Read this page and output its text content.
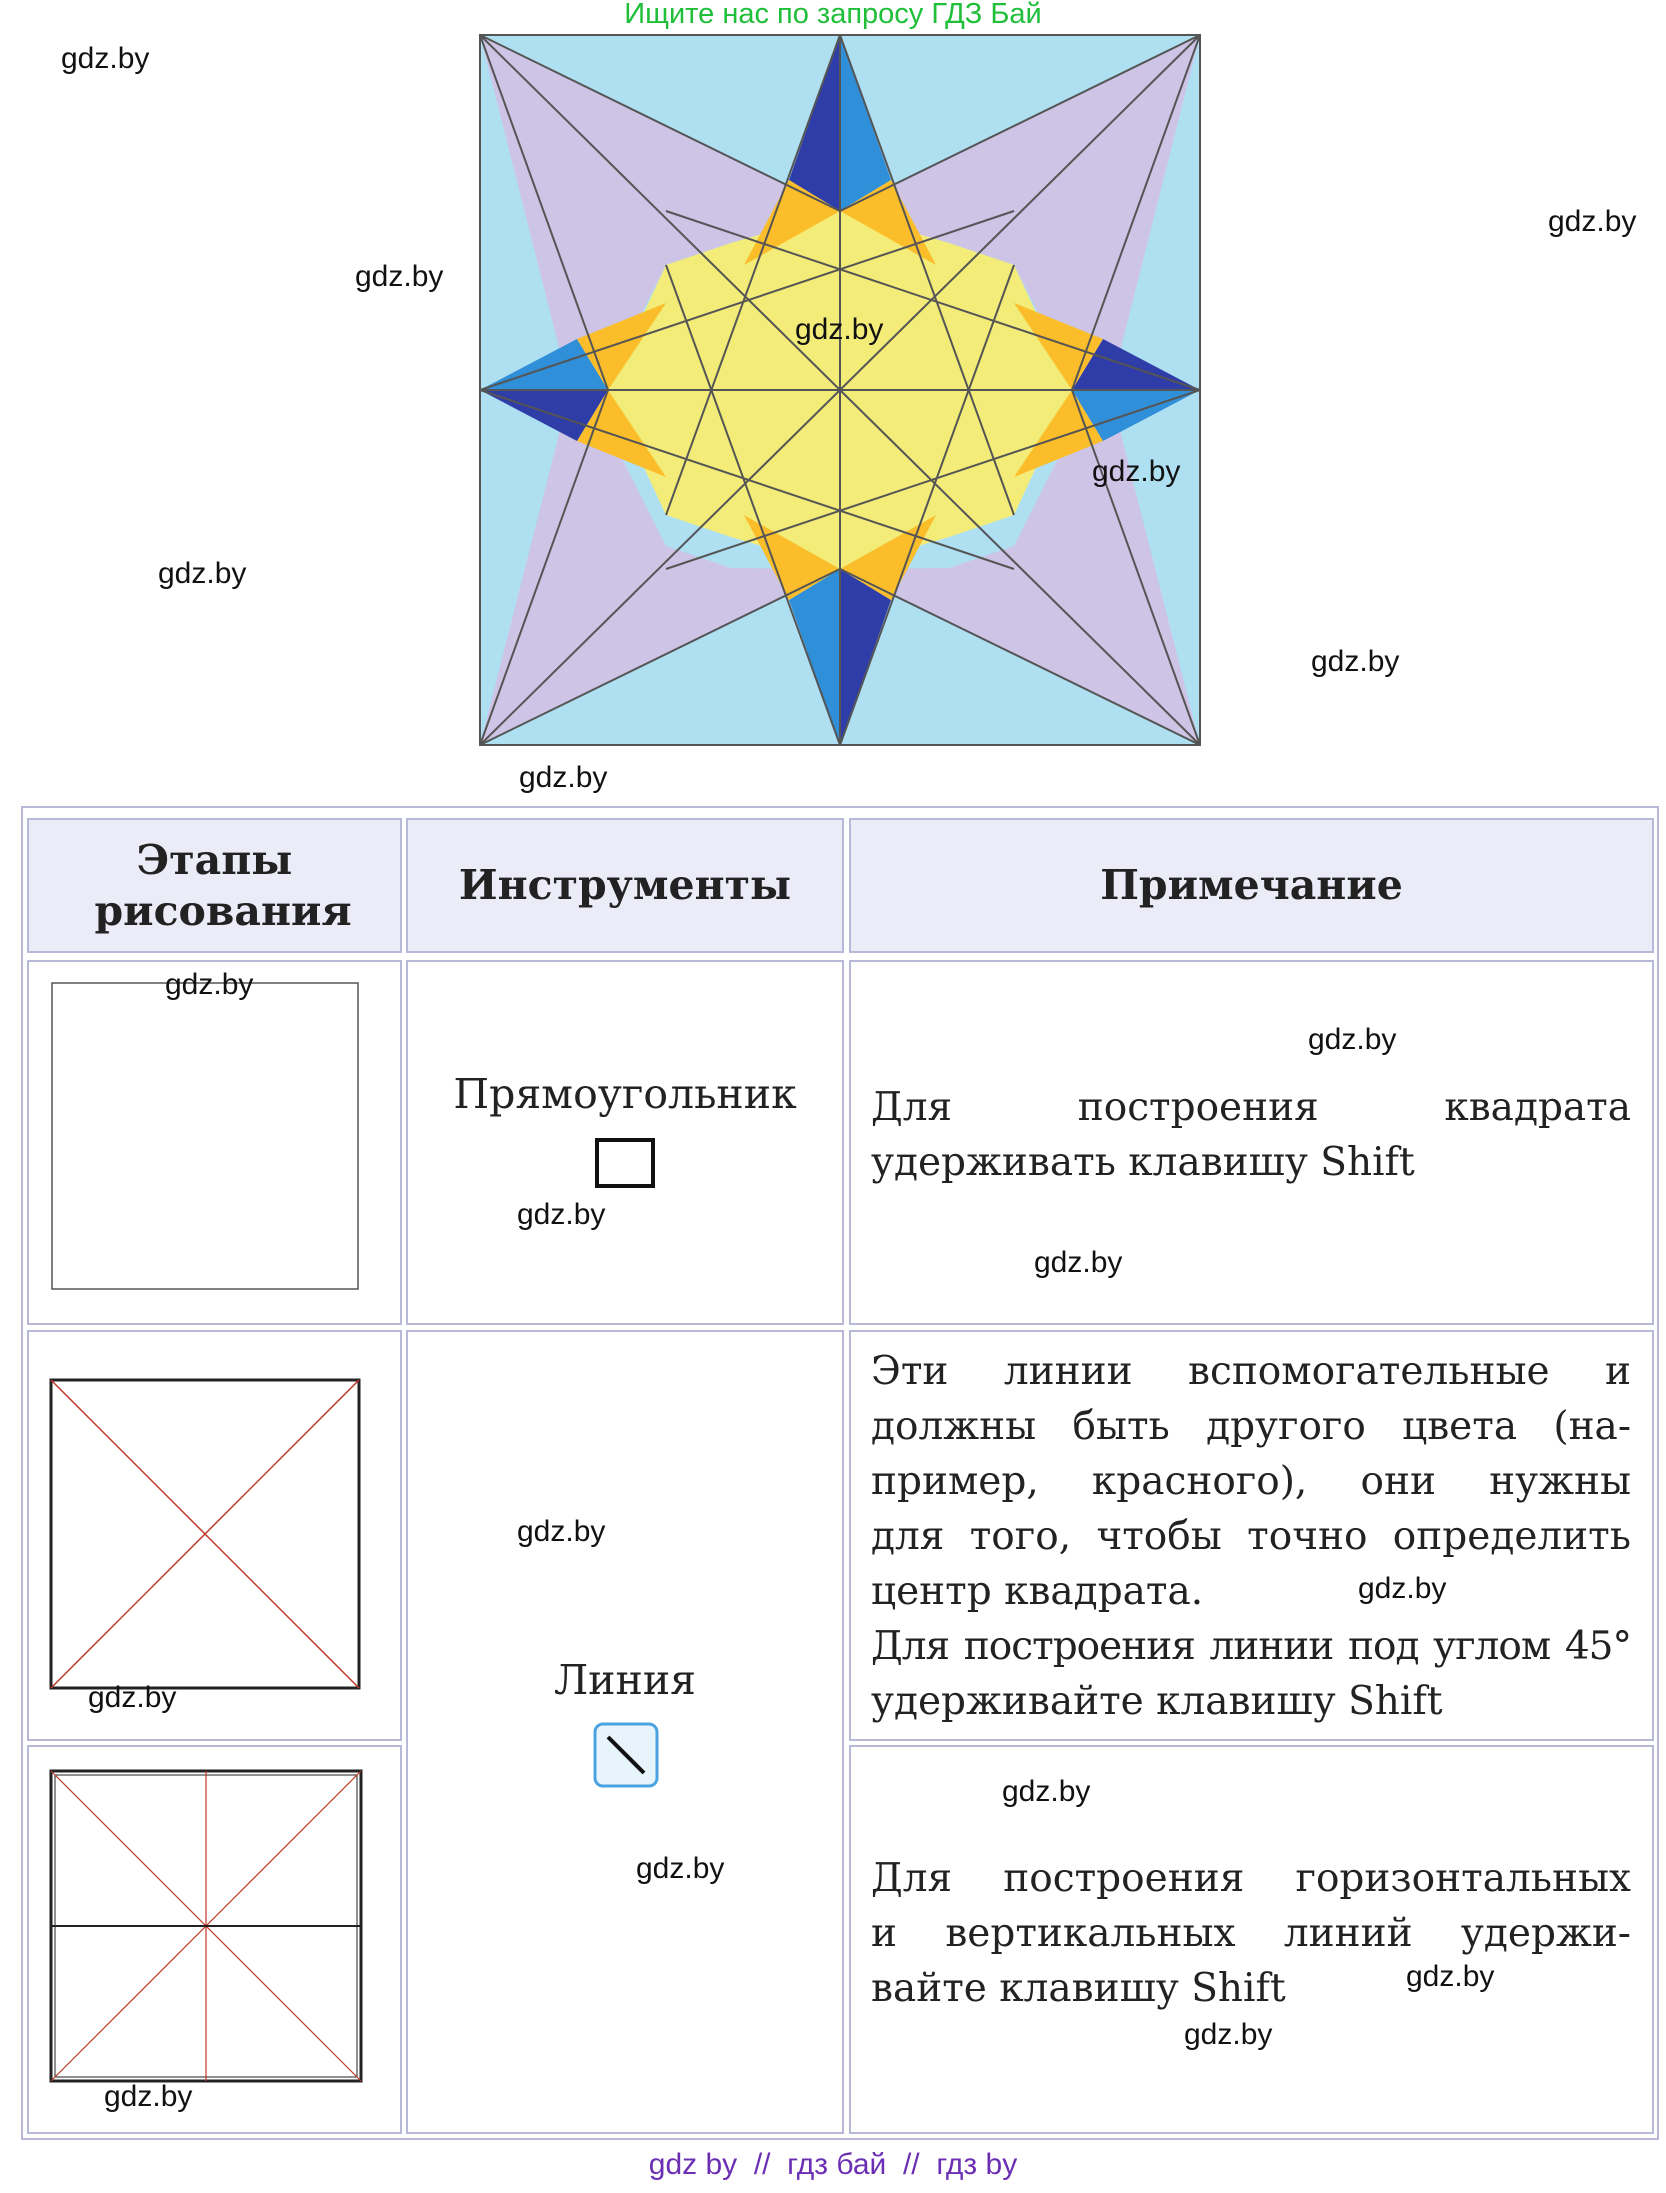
Ищите нас по запросу ГДЗ Бай
gdz.by
gdz.by
gdz.by
gdz.by
gdz.by
gdz.by
gdz.by
gdz.by
Этапы рисования
Инструменты	Примечание
Прямоугольник	Для построения квадрата удерживать клавишу Shift
Эти линии вспомогательные и
должны быть другого цвета (на-
пример, красного), они нужны
для того, чтобы точно определить
центр квадрата.
Для построения линии под углом 45°
удерживайте клавишу Shift
Линия
Для построения горизонтальных
и вертикальных линий удержи-
вайте клавишу Shift
gdz.by
gdz.by
gdz.by
gdz.by
gdz.by
gdz.by
gdz.by
gdz.by
gdz.by
gdz.by
gdz.by
gdz.by
gdz by  //  гдз бай  //  гдз by
